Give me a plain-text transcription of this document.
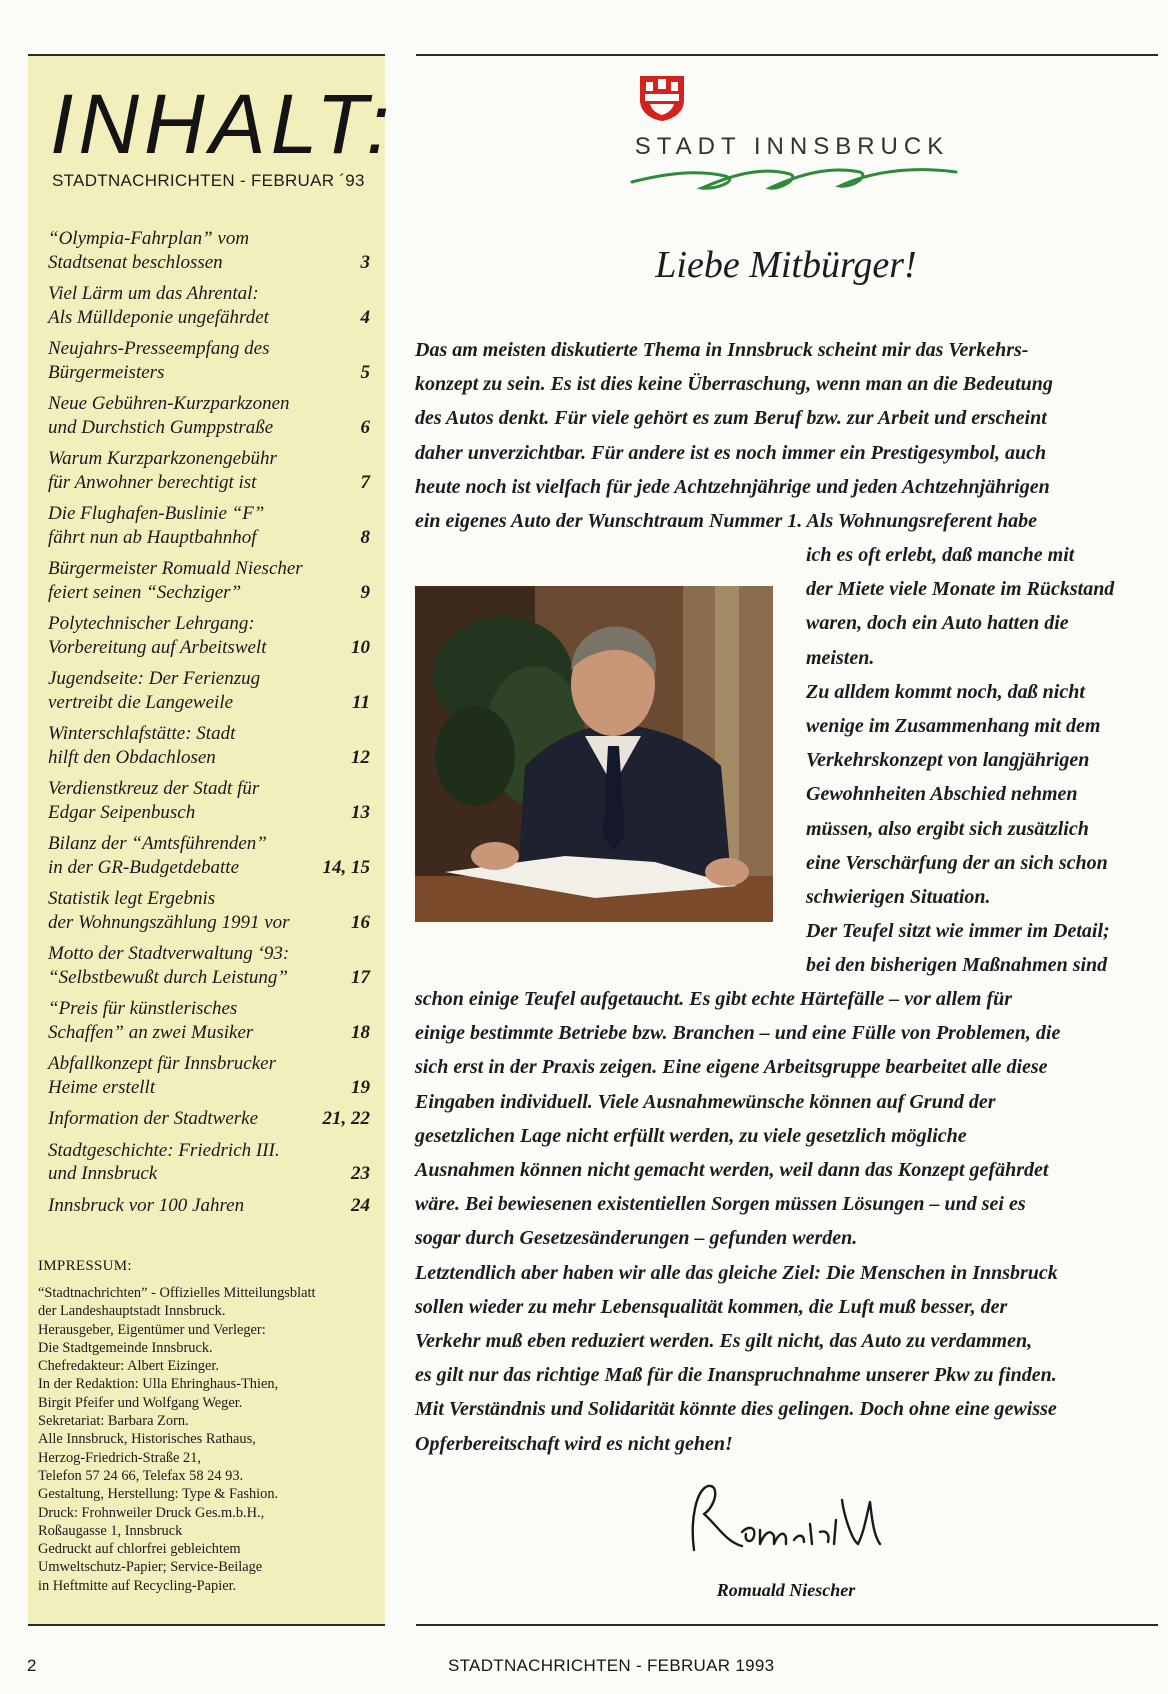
INHALT:
STADTNACHRICHTEN - FEBRUAR ´93
“Olympia-Fahrplan” vom
Stadtsenat beschlossen	3
Viel Lärm um das Ahrental:
Als Mülldeponie ungefährdet	4
Neujahrs-Presseempfang des
Bürgermeisters	5
Neue Gebühren-Kurzparkzonen
und Durchstich Gumppstraße	6
Warum Kurzparkzonengebühr
für Anwohner berechtigt ist	7
Die Flughafen-Buslinie “F”
fährt nun ab Hauptbahnhof	8
Bürgermeister Romuald Niescher
feiert seinen “Sechziger”	9
Polytechnischer Lehrgang:
Vorbereitung auf Arbeitswelt	10
Jugendseite: Der Ferienzug
vertreibt die Langeweile	11
Winterschlafstätte: Stadt
hilft den Obdachlosen	12
Verdienstkreuz der Stadt für
Edgar Seipenbusch	13
Bilanz der “Amtsführenden”
in der GR-Budgetdebatte	14, 15
Statistik legt Ergebnis
der Wohnungszählung 1991 vor	16
Motto der Stadtverwaltung ‘93:
“Selbstbewußt durch Leistung”	17
“Preis für künstlerisches
Schaffen” an zwei Musiker	18
Abfallkonzept für Innsbrucker
Heime erstellt	19
Information der Stadtwerke	21, 22
Stadtgeschichte: Friedrich III.
und Innsbruck	23
Innsbruck vor 100 Jahren	24
IMPRESSUM:
“Stadtnachrichten” - Offizielles Mitteilungsblatt
der Landeshauptstadt Innsbruck.
Herausgeber, Eigentümer und Verleger:
Die Stadtgemeinde Innsbruck.
Chefredakteur: Albert Eizinger.
In der Redaktion: Ulla Ehringhaus-Thien,
Birgit Pfeifer und Wolfgang Weger.
Sekretariat: Barbara Zorn.
Alle Innsbruck, Historisches Rathaus,
Herzog-Friedrich-Straße 21,
Telefon 57 24 66, Telefax 58 24 93.
Gestaltung, Herstellung: Type & Fashion.
Druck: Frohnweiler Druck Ges.m.b.H.,
Roßaugasse 1, Innsbruck
Gedruckt auf chlorfrei gebleichtem
Umweltschutz-Papier; Service-Beilage
in Heftmitte auf Recycling-Papier.
STADT INNSBRUCK
Liebe Mitbürger!
Das am meisten diskutierte Thema in Innsbruck scheint mir das Verkehrs-
konzept zu sein. Es ist dies keine Überraschung, wenn man an die Bedeutung
des Autos denkt. Für viele gehört es zum Beruf bzw. zur Arbeit und erscheint
daher unverzichtbar. Für andere ist es noch immer ein Prestigesymbol, auch
heute noch ist vielfach für jede Achtzehnjährige und jeden Achtzehnjährigen
ein eigenes Auto der Wunschtraum Nummer 1. Als Wohnungsreferent habe
ich es oft erlebt, daß manche mit
der Miete viele Monate im Rückstand
waren, doch ein Auto hatten die
meisten.
Zu alldem kommt noch, daß nicht
wenige im Zusammenhang mit dem
Verkehrskonzept von langjährigen
Gewohnheiten Abschied nehmen
müssen, also ergibt sich zusätzlich
eine Verschärfung der an sich schon
schwierigen Situation.
Der Teufel sitzt wie immer im Detail;
bei den bisherigen Maßnahmen sind
schon einige Teufel aufgetaucht. Es gibt echte Härtefälle – vor allem für
einige bestimmte Betriebe bzw. Branchen – und eine Fülle von Problemen, die
sich erst in der Praxis zeigen. Eine eigene Arbeitsgruppe bearbeitet alle diese
Eingaben individuell. Viele Ausnahmewünsche können auf Grund der
gesetzlichen Lage nicht erfüllt werden, zu viele gesetzlich mögliche
Ausnahmen können nicht gemacht werden, weil dann das Konzept gefährdet
wäre. Bei bewiesenen existentiellen Sorgen müssen Lösungen – und sei es
sogar durch Gesetzesänderungen – gefunden werden.
Letztendlich aber haben wir alle das gleiche Ziel: Die Menschen in Innsbruck
sollen wieder zu mehr Lebensqualität kommen, die Luft muß besser, der
Verkehr muß eben reduziert werden. Es gilt nicht, das Auto zu verdammen,
es gilt nur das richtige Maß für die Inanspruchnahme unserer Pkw zu finden.
Mit Verständnis und Solidarität könnte dies gelingen. Doch ohne eine gewisse
Opferbereitschaft wird es nicht gehen!
Romuald Niescher
2	STADTNACHRICHTEN - FEBRUAR 1993
